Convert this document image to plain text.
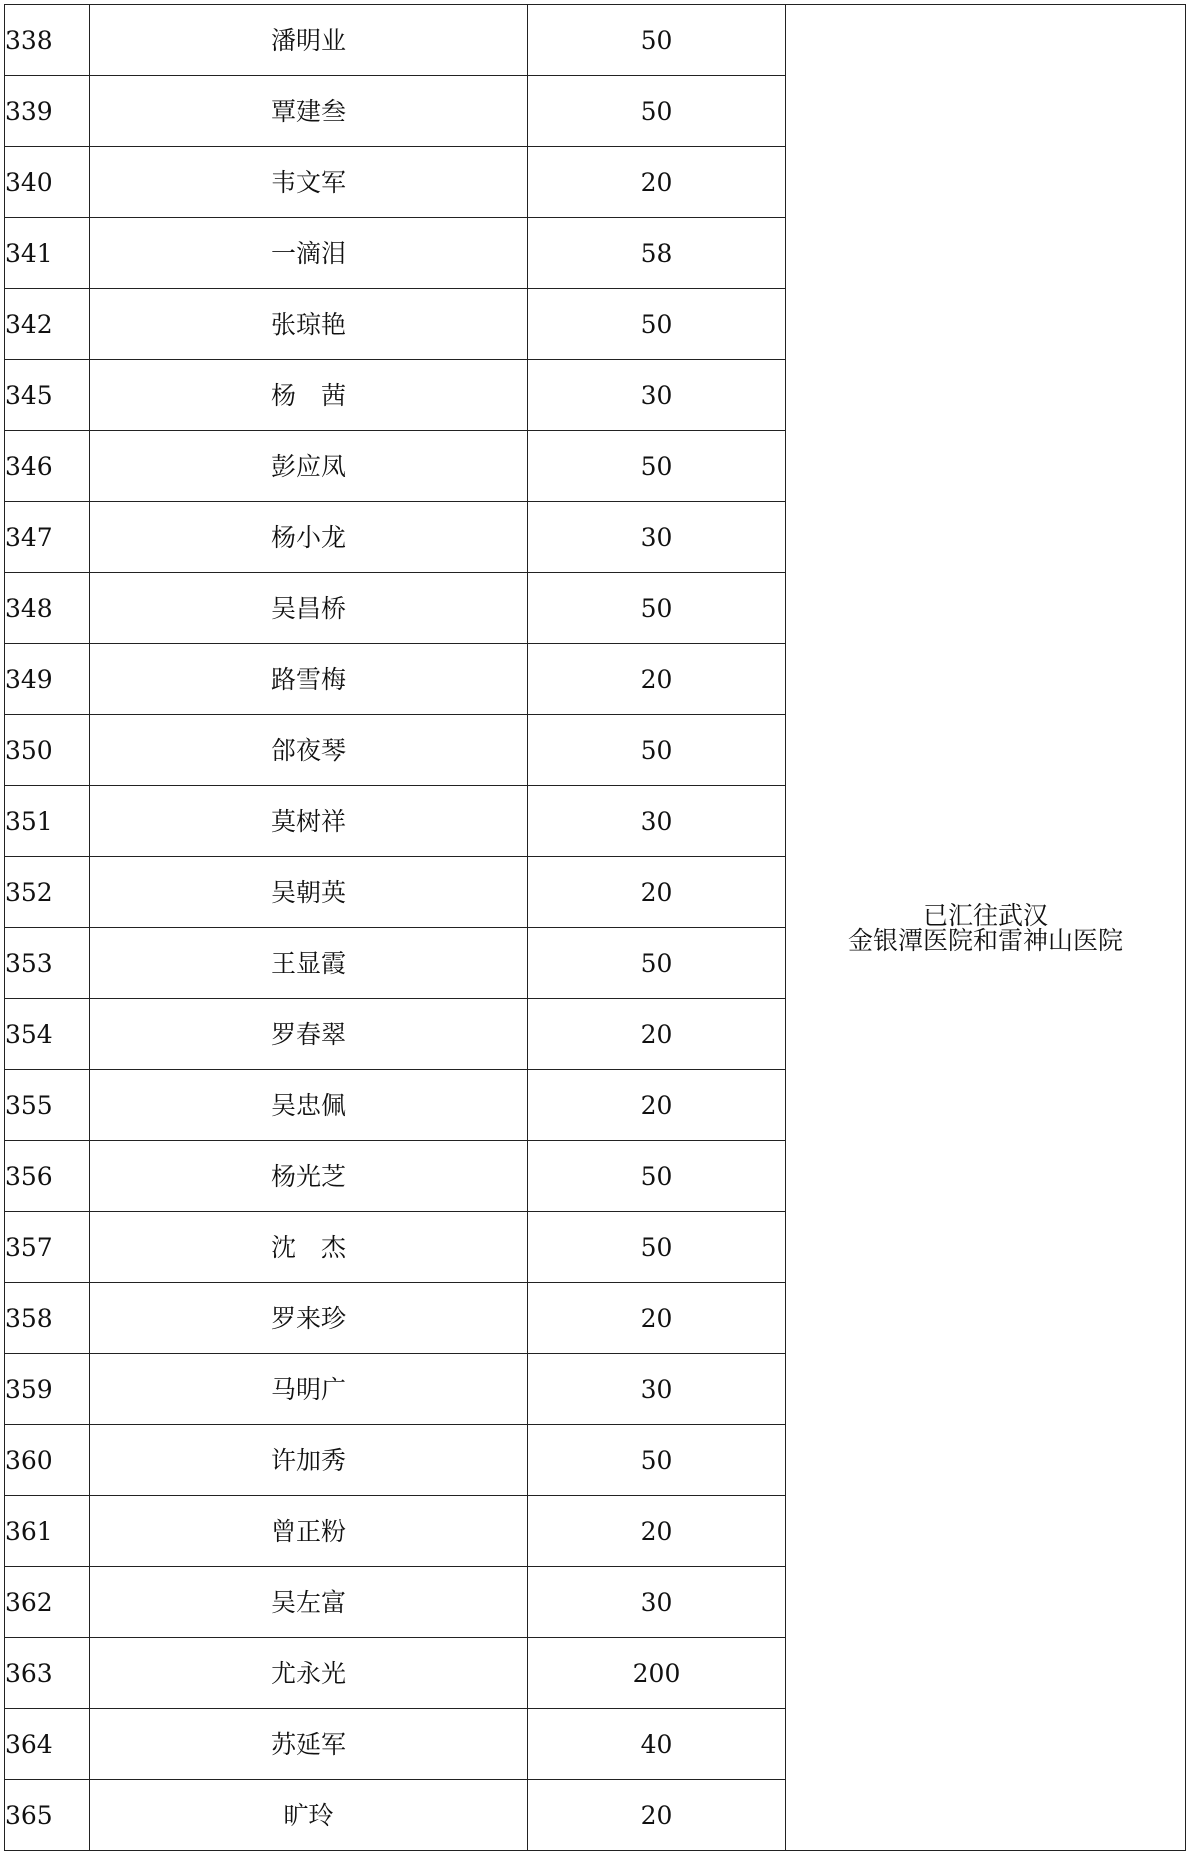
338	潘明业	50	已汇往武汉
金银潭医院和雷神山医院

339	覃建叁	50	
340	韦文军	20	
341	一滴泪	58	
342	张琼艳	50	
345	杨　茜	30	
346	彭应凤	50	
347	杨小龙	30	
348	吴昌桥	50	
349	路雪梅	20	
350	郃夜琴	50	
351	莫树祥	30	
352	吴朝英	20	
353	王显霞	50	
354	罗春翠	20	
355	吴忠佩	20	
356	杨光芝	50	
357	沈　杰	50	
358	罗来珍	20	
359	马明广	30	
360	许加秀	50	
361	曾正粉	20	
362	吴左富	30	
363	尤永光	200	
364	苏延军	40	
365	旷玲	20	
